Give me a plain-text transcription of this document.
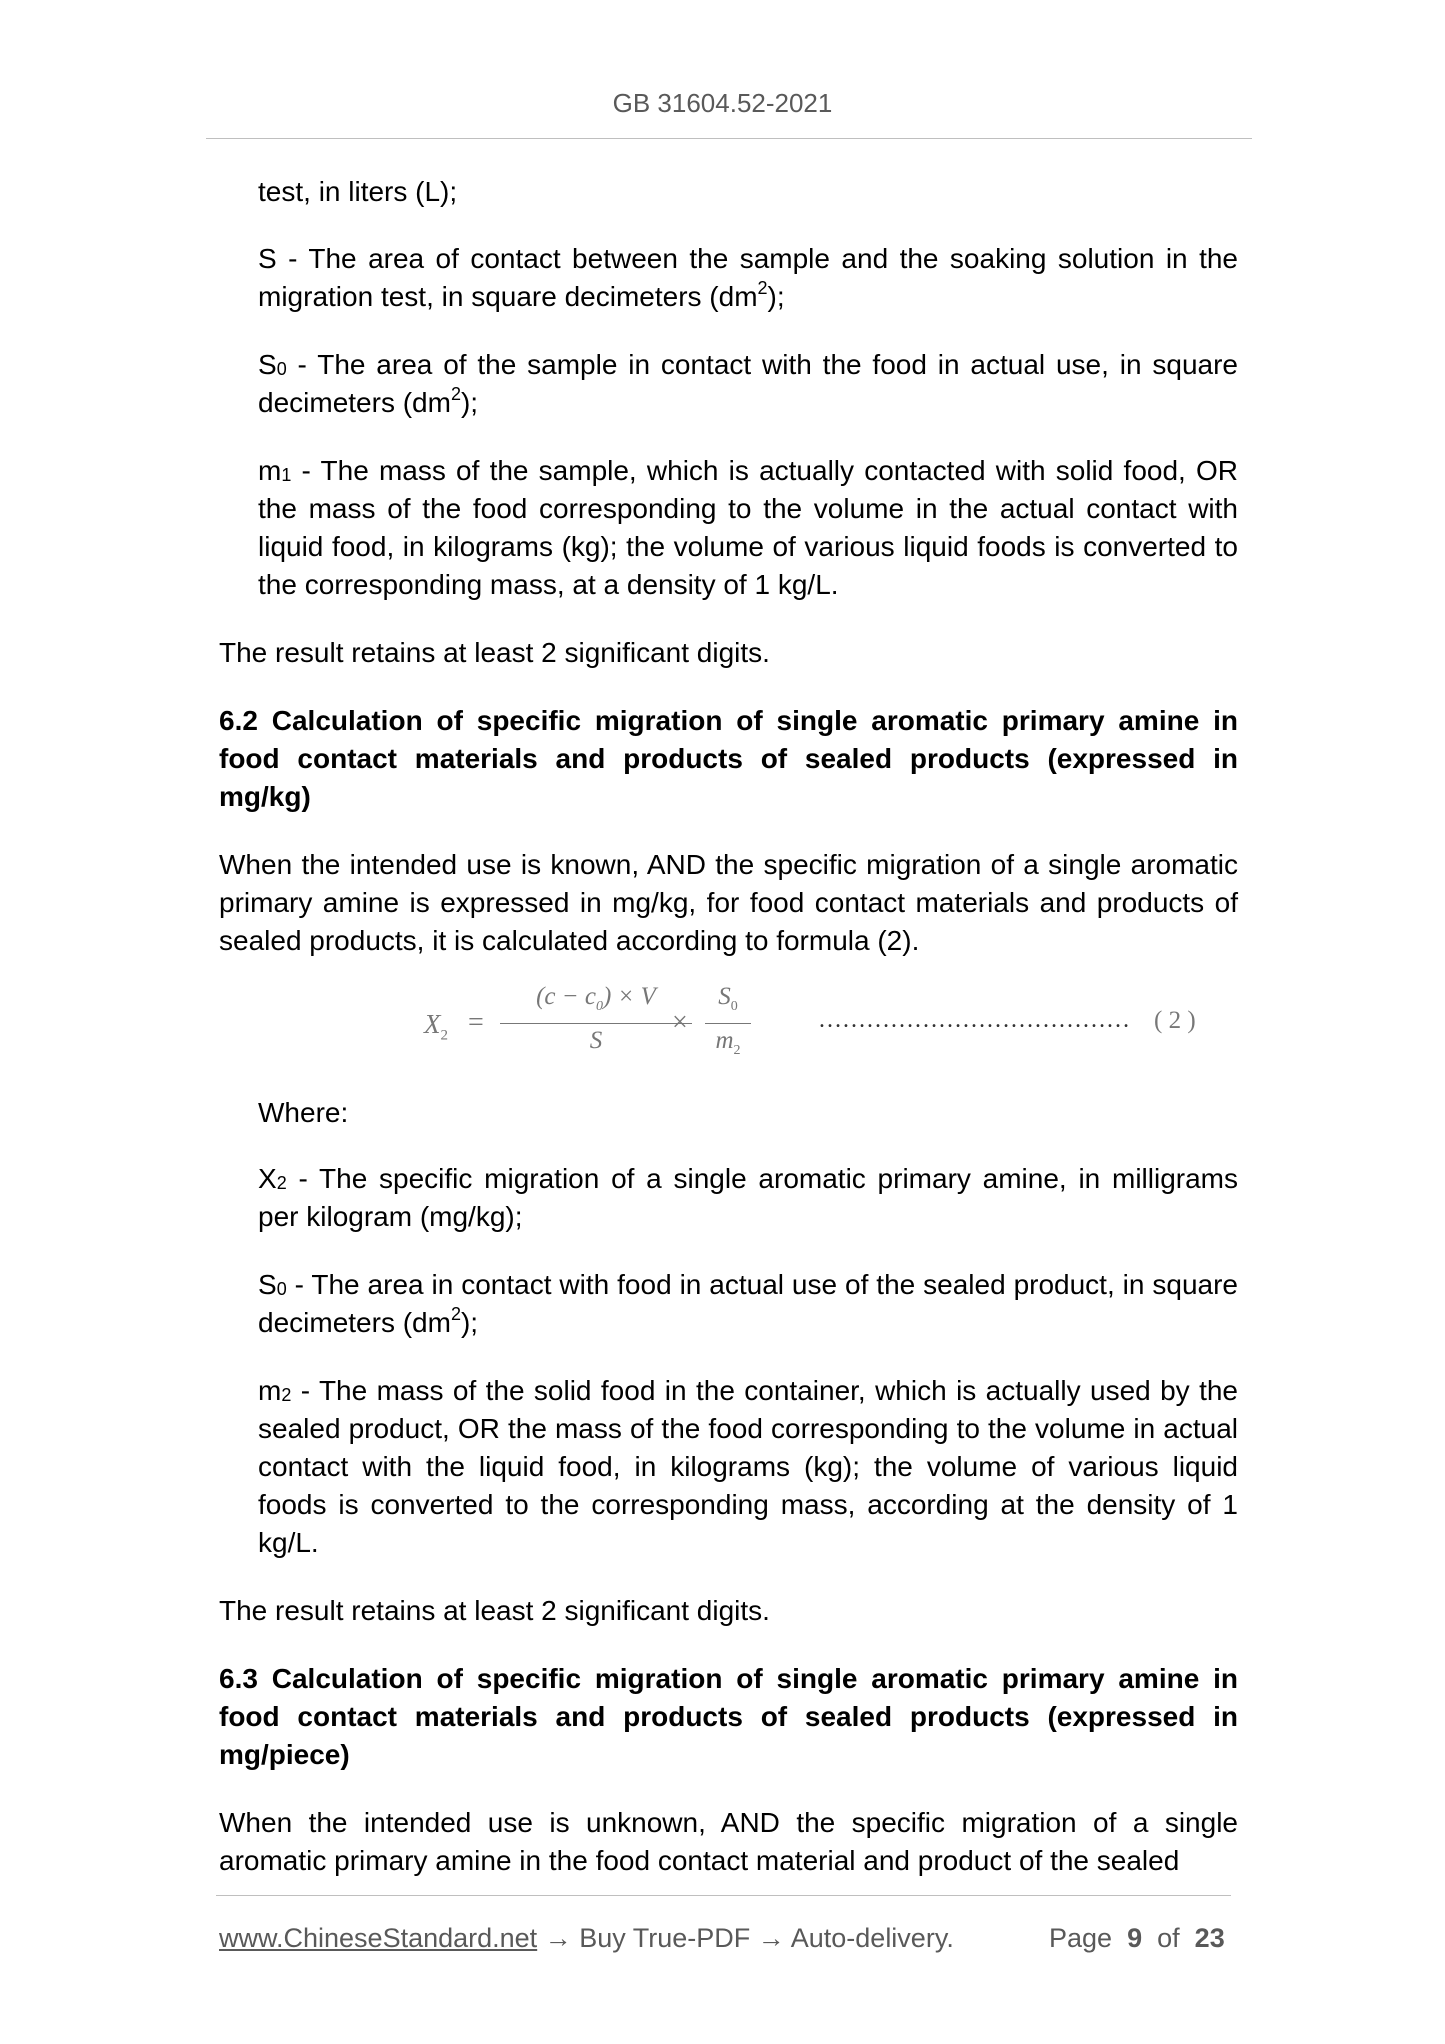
GB 31604.52-2021

test, in liters (L);

S - The area of contact between the sample and the soaking solution in the migration test, in square decimeters $(dm^2)$;

$S_0$ - The area of the sample in contact with the food in actual use, in square decimeters $(dm^2)$;

$m_1$ - The mass of the sample, which is actually contacted with solid food, OR the mass of the food corresponding to the volume in the actual contact with liquid food, in kilograms (kg); the volume of various liquid foods is converted to the corresponding mass, at a density of 1 kg/L.

The result retains at least 2 significant digits.

6.2 Calculation of specific migration of single aromatic primary amine in food contact materials and products of sealed products (expressed in mg/kg)

When the intended use is known, AND the specific migration of a single aromatic primary amine is expressed in mg/kg, for food contact materials and products of sealed products, it is calculated according to formula (2).

$X_2$ =
$(c - c_0) \times V$
S
×
$S_0$
$m_2$
………………………………… ( 2 )

Where:

$X_2$ - The specific migration of a single aromatic primary amine, in milligrams per kilogram (mg/kg);

$S_0$ - The area in contact with food in actual use of the sealed product, in square decimeters $(dm^2)$;

$m_2$ - The mass of the solid food in the container, which is actually used by the sealed product, OR the mass of the food corresponding to the volume in actual contact with the liquid food, in kilograms (kg); the volume of various liquid foods is converted to the corresponding mass, according at the density of 1 kg/L.

The result retains at least 2 significant digits.

6.3 Calculation of specific migration of single aromatic primary amine in food contact materials and products of sealed products (expressed in mg/piece)

When the intended use is unknown, AND the specific migration of a single aromatic primary amine in the food contact material and product of the sealed

www.ChineseStandard.net → Buy True-PDF → Auto-delivery.	Page 9 of 23
